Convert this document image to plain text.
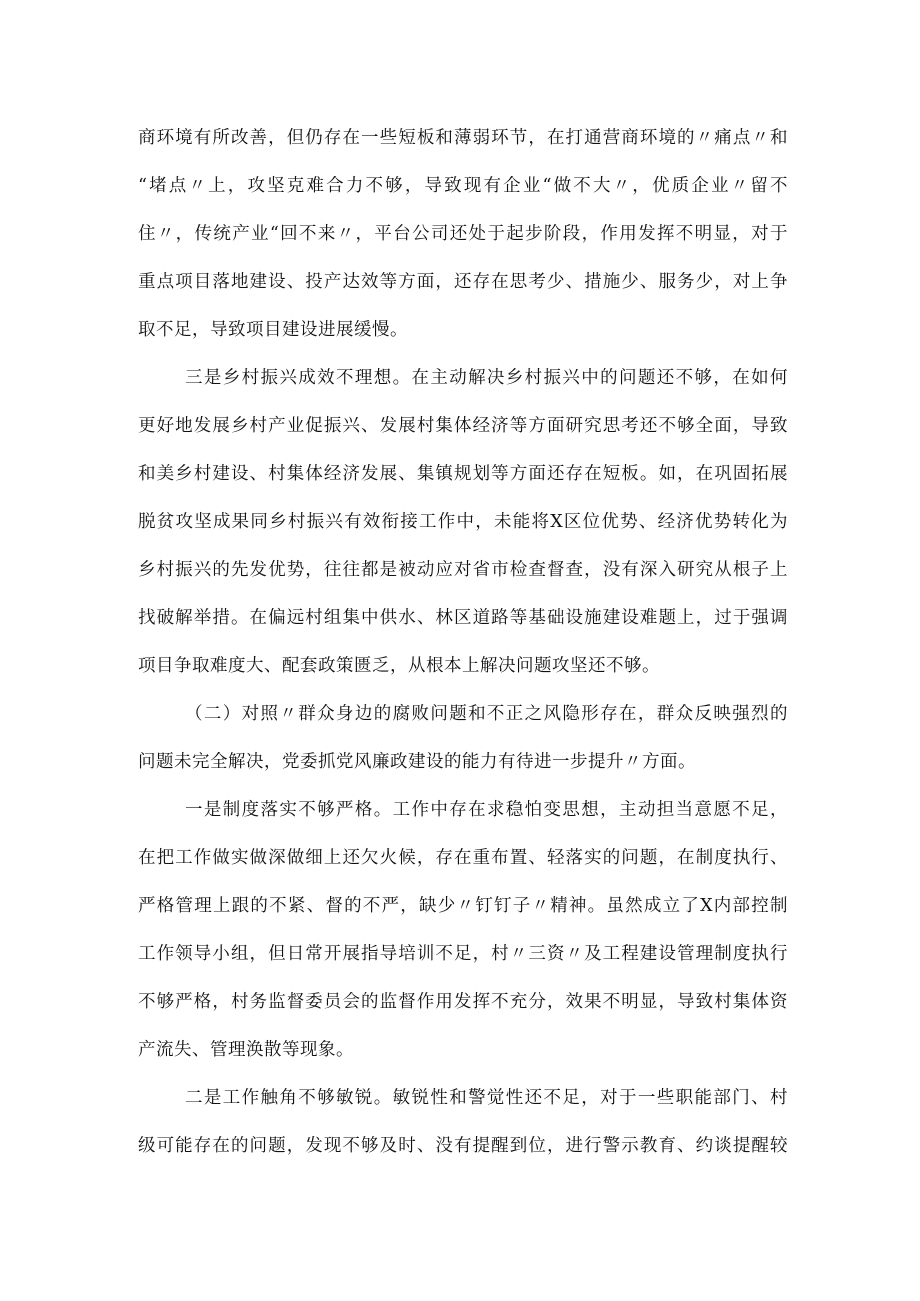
商环境有所改善，但仍存在一些短板和薄弱环节，在打通营商环境的〃痛点〃和
“堵点〃上，攻坚克难合力不够，导致现有企业“做不大〃，优质企业〃留不
住〃，传统产业“回不来〃，平台公司还处于起步阶段，作用发挥不明显，对于
重点项目落地建设、投产达效等方面，还存在思考少、措施少、服务少，对上争
取不足，导致项目建设进展缓慢。
三是乡村振兴成效不理想。在主动解决乡村振兴中的问题还不够，在如何
更好地发展乡村产业促振兴、发展村集体经济等方面研究思考还不够全面，导致
和美乡村建设、村集体经济发展、集镇规划等方面还存在短板。如，在巩固拓展
脱贫攻坚成果同乡村振兴有效衔接工作中，未能将X区位优势、经济优势转化为
乡村振兴的先发优势，往往都是被动应对省市检查督查，没有深入研究从根子上
找破解举措。在偏远村组集中供水、林区道路等基础设施建设难题上，过于强调
项目争取难度大、配套政策匮乏，从根本上解决问题攻坚还不够。
（二）对照〃群众身边的腐败问题和不正之风隐形存在，群众反映强烈的
问题未完全解决，党委抓党风廉政建设的能力有待进一步提升〃方面。
一是制度落实不够严格。工作中存在求稳怕变思想，主动担当意愿不足，
在把工作做实做深做细上还欠火候，存在重布置、轻落实的问题，在制度执行、
严格管理上跟的不紧、督的不严，缺少〃钉钉子〃精神。虽然成立了X内部控制
工作领导小组，但日常开展指导培训不足，村〃三资〃及工程建设管理制度执行
不够严格，村务监督委员会的监督作用发挥不充分，效果不明显，导致村集体资
产流失、管理涣散等现象。
二是工作触角不够敏锐。敏锐性和警觉性还不足，对于一些职能部门、村
级可能存在的问题，发现不够及时、没有提醒到位，进行警示教育、约谈提醒较
